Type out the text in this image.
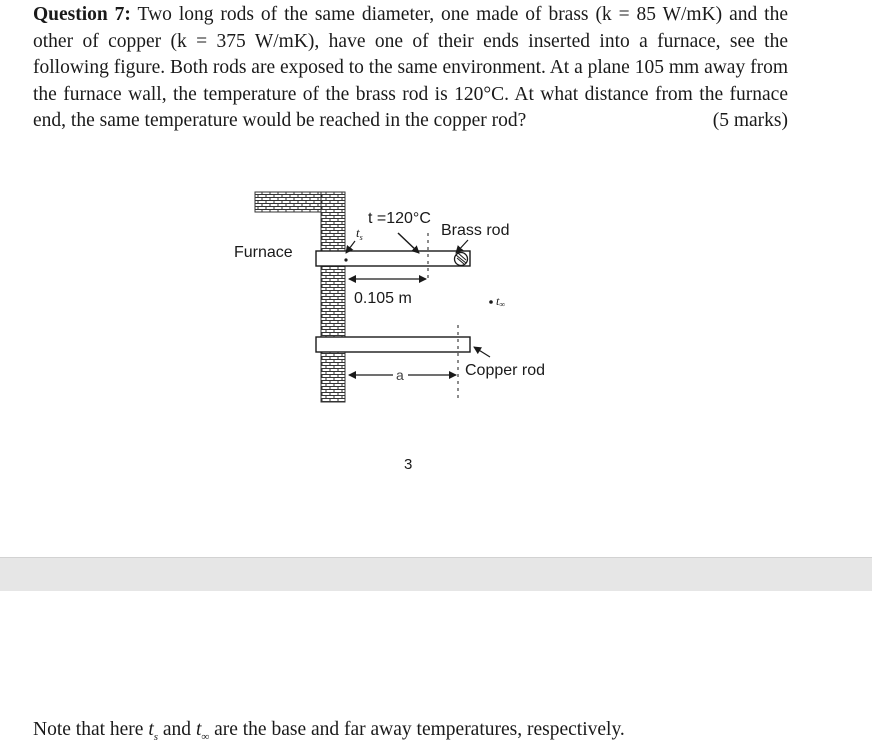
Question 7: Two long rods of the same diameter, one made of brass (k = 85 W/mK) and the other of copper (k = 375 W/mK), have one of their ends inserted into a furnace, see the following figure. Both rods are exposed to the same environment. At a plane 105 mm away from the furnace wall, the temperature of the brass rod is 120°C. At what distance from the furnace end, the same temperature would be reached in the copper rod?	(5 marks)
Furnace
t =120°C
$t_s$	Brass rod
0.105 m	t∞
a	Copper rod
3
Note that here $t_s$ and $t_\infty$ are the base and far away temperatures, respectively.
